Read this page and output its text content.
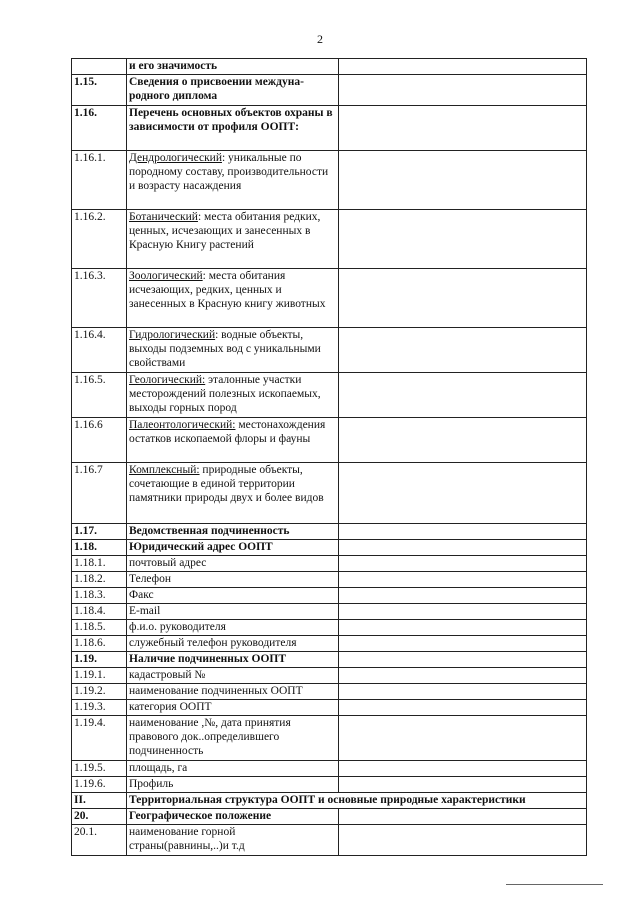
2
	и его значимость	
1.15.	Сведения о присвоении междуна-родного диплома	
1.16.	Перечень основных объектов охраны в зависимости от профиля ООПТ:	
1.16.1.	Дендрологический: уникальные по породному составу, производительности и возрасту насаждения	
1.16.2.	Ботанический: места обитания редких, ценных, исчезающих и занесенных в Красную Книгу растений	
1.16.3.	Зоологический: места обитания исчезающих, редких, ценных и занесенных в Красную книгу животных	
1.16.4.	Гидрологический: водные объекты, выходы подземных вод с уникальными свойствами	
1.16.5.	Геологический: эталонные участки месторождений полезных ископаемых, выходы горных пород	
1.16.6	Палеонтологический: местонахождения остатков ископаемой флоры и фауны	
1.16.7	Комплексный: природные объекты, сочетающие в единой территории памятники природы двух и более видов	
1.17.	Ведомственная подчиненность	
1.18.	Юридический адрес ООПТ	
1.18.1.	почтовый адрес	
1.18.2.	Телефон	
1.18.3.	Факс	
1.18.4.	E-mail	
1.18.5.	ф.и.о. руководителя	
1.18.6.	служебный телефон руководителя	
1.19.	Наличие подчиненных ООПТ	
1.19.1.	кадастровый №	
1.19.2.	наименование подчиненных ООПТ	
1.19.3.	категория ООПТ	
1.19.4.	наименование ,№, дата принятия правового док..определившего подчиненность	
1.19.5.	площадь, га	
1.19.6.	Профиль	
II.	Территориальная структура ООПТ и основные природные характеристики	
20.	Географическое положение	
20.1.	наименование горной страны(равнины,..)и т.д	
